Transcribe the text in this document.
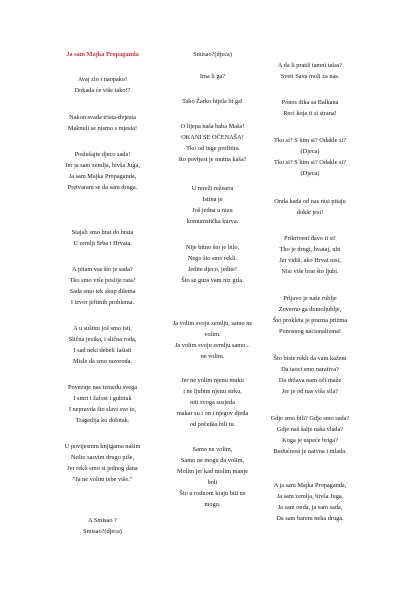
Ja sam Majka Propaganda
Avaj zlo i naopako!
Dokada će više tako!?
Nakon svađa trista-dvjesta
Maknuli se nismo s mjesta!
Poslušajte djeco sada!
Jer ja sam zemlja, bivša Juga,
Ja sam Majka Propaganda,
Pretvaram se da sam druga.
Stajali smo brat do brata
U zemlji Srba i Hrvata.
A pitam vas što je sada?
Tko smo više poslije rata?
Sada smo tek skup dilema
I izvor jeftinih problema.
A u suštini još smo isti,
Slična jezika, i slična roda,
I sad neki debeli fašisti
Misle da smo razoroda.
Povezuje nas između svega
I smrt i žalost i gubitak
I nepravda što slavi sve to,
Tragedija ko dobitak.
U povijesnim knjigama našim
Nešto sasvim drugo piše,
Jer rekli smo si jednog dana
"Ja ne volim tebe više."
A Smisao ?
Smisao?(djeca)
Smisao?(djeca)
Ima li ga?
Tako Žarko htjela bi ga!
O lijepa naša baba Maša!
OKANI SE OČENAŠA!
Tko od tuge profitira
što povijest je mutna kaša?
U mreži režisera
Istina je
Još jedna u nizu
komunistička kurva.
Nije bitno što je bilo,
Nego što smo rekli.
Jedite djeco, jedite!
Što se gura vam niz grla.
Ja volim svoju zemlju, samo ne
volim.
Ja volim svoju zemlju samo...
ne volim.
Jer ne volim njenu muku
i ne ljubim njenu strku,
niti svoga susjeda
makar su i on i njegov djeda
od početka bili tu.
Samo ne volim,
Samo ne mogu da volim,
Molim jer kad molim manje
boli
Što u rodnom kraju biti ne
mogu.
A da li pratiš tamni talas?
Sveti Sava moli za nas.
Ponos dika sa Balkana
Reci koja ti si strana!
Tko si? S kim si? Odakle si?
(Djeca)
Tko si? S kim si? Odakle si?
(Djeca)
Onda kada od nas nisi pitaju
dokle jesi!
Prikriveni đavo ti si!
Tko je drugi, hvataj, ubi
Jer vidiš, ako Hrvat nisi,
Nisi više brat što ljubi.
Prljavo je naše rublje
Zoverno ga domoljublje,
Što prokleta je prazna prizma
Ponosnog nacionalizma!
Što biste rekli da vam kažem
Da taoci smo narativa?
Da država nam oči maže
Jer je od nas viša sila?
Gdje smo bili? Gdje smo sada?
Gdje naš šalje naša vlada?
Koga je uspeće briga?
Budućnost je naivna i mlada.
A ja sam Majka Propaganda,
Ja sam zemlja, bivša Juga,
Ja sam onda, ja sam sada,
Da sam barem neka druga.
